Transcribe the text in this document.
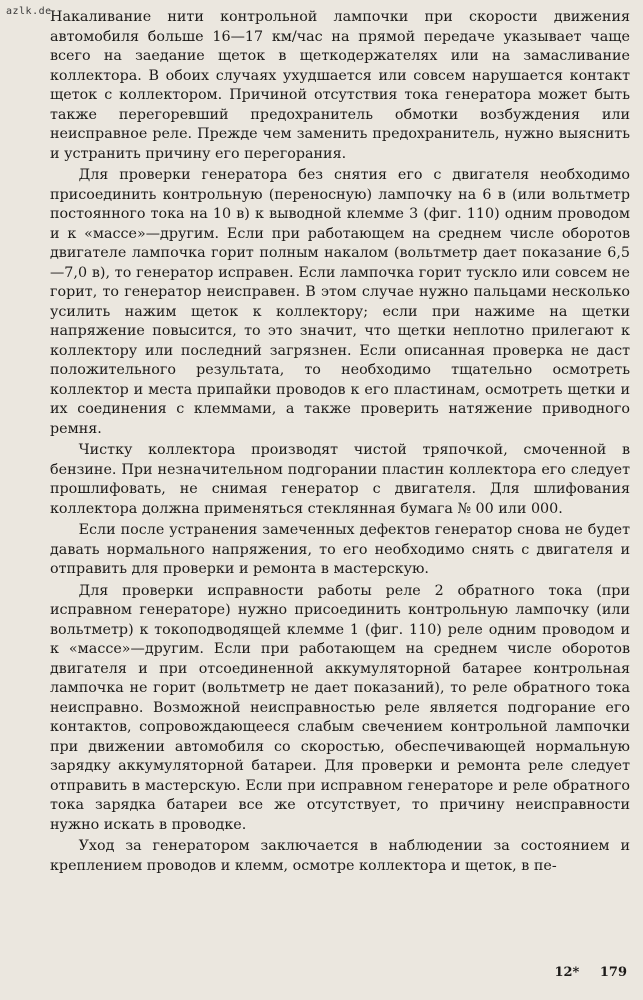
azlk.de

Накаливание нити контрольной лампочки при скорости движения автомобиля больше 16—17 км/час на прямой передаче указывает чаще всего на заедание щеток в щеткодержателях или на замасливание коллектора. В обоих случаях ухудшается или совсем нарушается контакт щеток с коллектором. Причиной отсутствия тока генератора может быть также перегоревший предохранитель обмотки возбуждения или неисправное реле. Прежде чем заменить предохранитель, нужно выяснить и устранить причину его перегорания.

Для проверки генератора без снятия его с двигателя необходимо присоединить контрольную (переносную) лампочку на 6 в (или вольтметр постоянного тока на 10 в) к выводной клемме 3 (фиг. 110) одним проводом и к «массе»—другим. Если при работающем на среднем числе оборотов двигателе лампочка горит полным накалом (вольтметр дает показание 6,5—7,0 в), то генератор исправен. Если лампочка горит тускло или совсем не горит, то генератор неисправен. В этом случае нужно пальцами несколько усилить нажим щеток к коллектору; если при нажиме на щетки напряжение повысится, то это значит, что щетки неплотно прилегают к коллектору или последний загрязнен. Если описанная проверка не даст положительного результата, то необходимо тщательно осмотреть коллектор и места припайки проводов к его пластинам, осмотреть щетки и их соединения с клеммами, а также проверить натяжение приводного ремня.

Чистку коллектора производят чистой тряпочкой, смоченной в бензине. При незначительном подгорании пластин коллектора его следует прошлифовать, не снимая генератор с двигателя. Для шлифования коллектора должна применяться стеклянная бумага № 00 или 000.

Если после устранения замеченных дефектов генератор снова не будет давать нормального напряжения, то его необходимо снять с двигателя и отправить для проверки и ремонта в мастерскую.

Для проверки исправности работы реле 2 обратного тока (при исправном генераторе) нужно присоединить контрольную лампочку (или вольтметр) к токоподводящей клемме 1 (фиг. 110) реле одним проводом и к «массе»—другим. Если при работающем на среднем числе оборотов двигателя и при отсоединенной аккумуляторной батарее контрольная лампочка не горит (вольтметр не дает показаний), то реле обратного тока неисправно. Возможной неисправностью реле является подгорание его контактов, сопровождающееся слабым свечением контрольной лампочки при движении автомобиля со скоростью, обеспечивающей нормальную зарядку аккумуляторной батареи. Для проверки и ремонта реле следует отправить в мастерскую. Если при исправном генераторе и реле обратного тока зарядка батареи все же отсутствует, то причину неисправности нужно искать в проводке.

Уход за генератором заключается в наблюдении за состоянием и креплением проводов и клемм, осмотре коллектора и щеток, в пе-

12* 179
